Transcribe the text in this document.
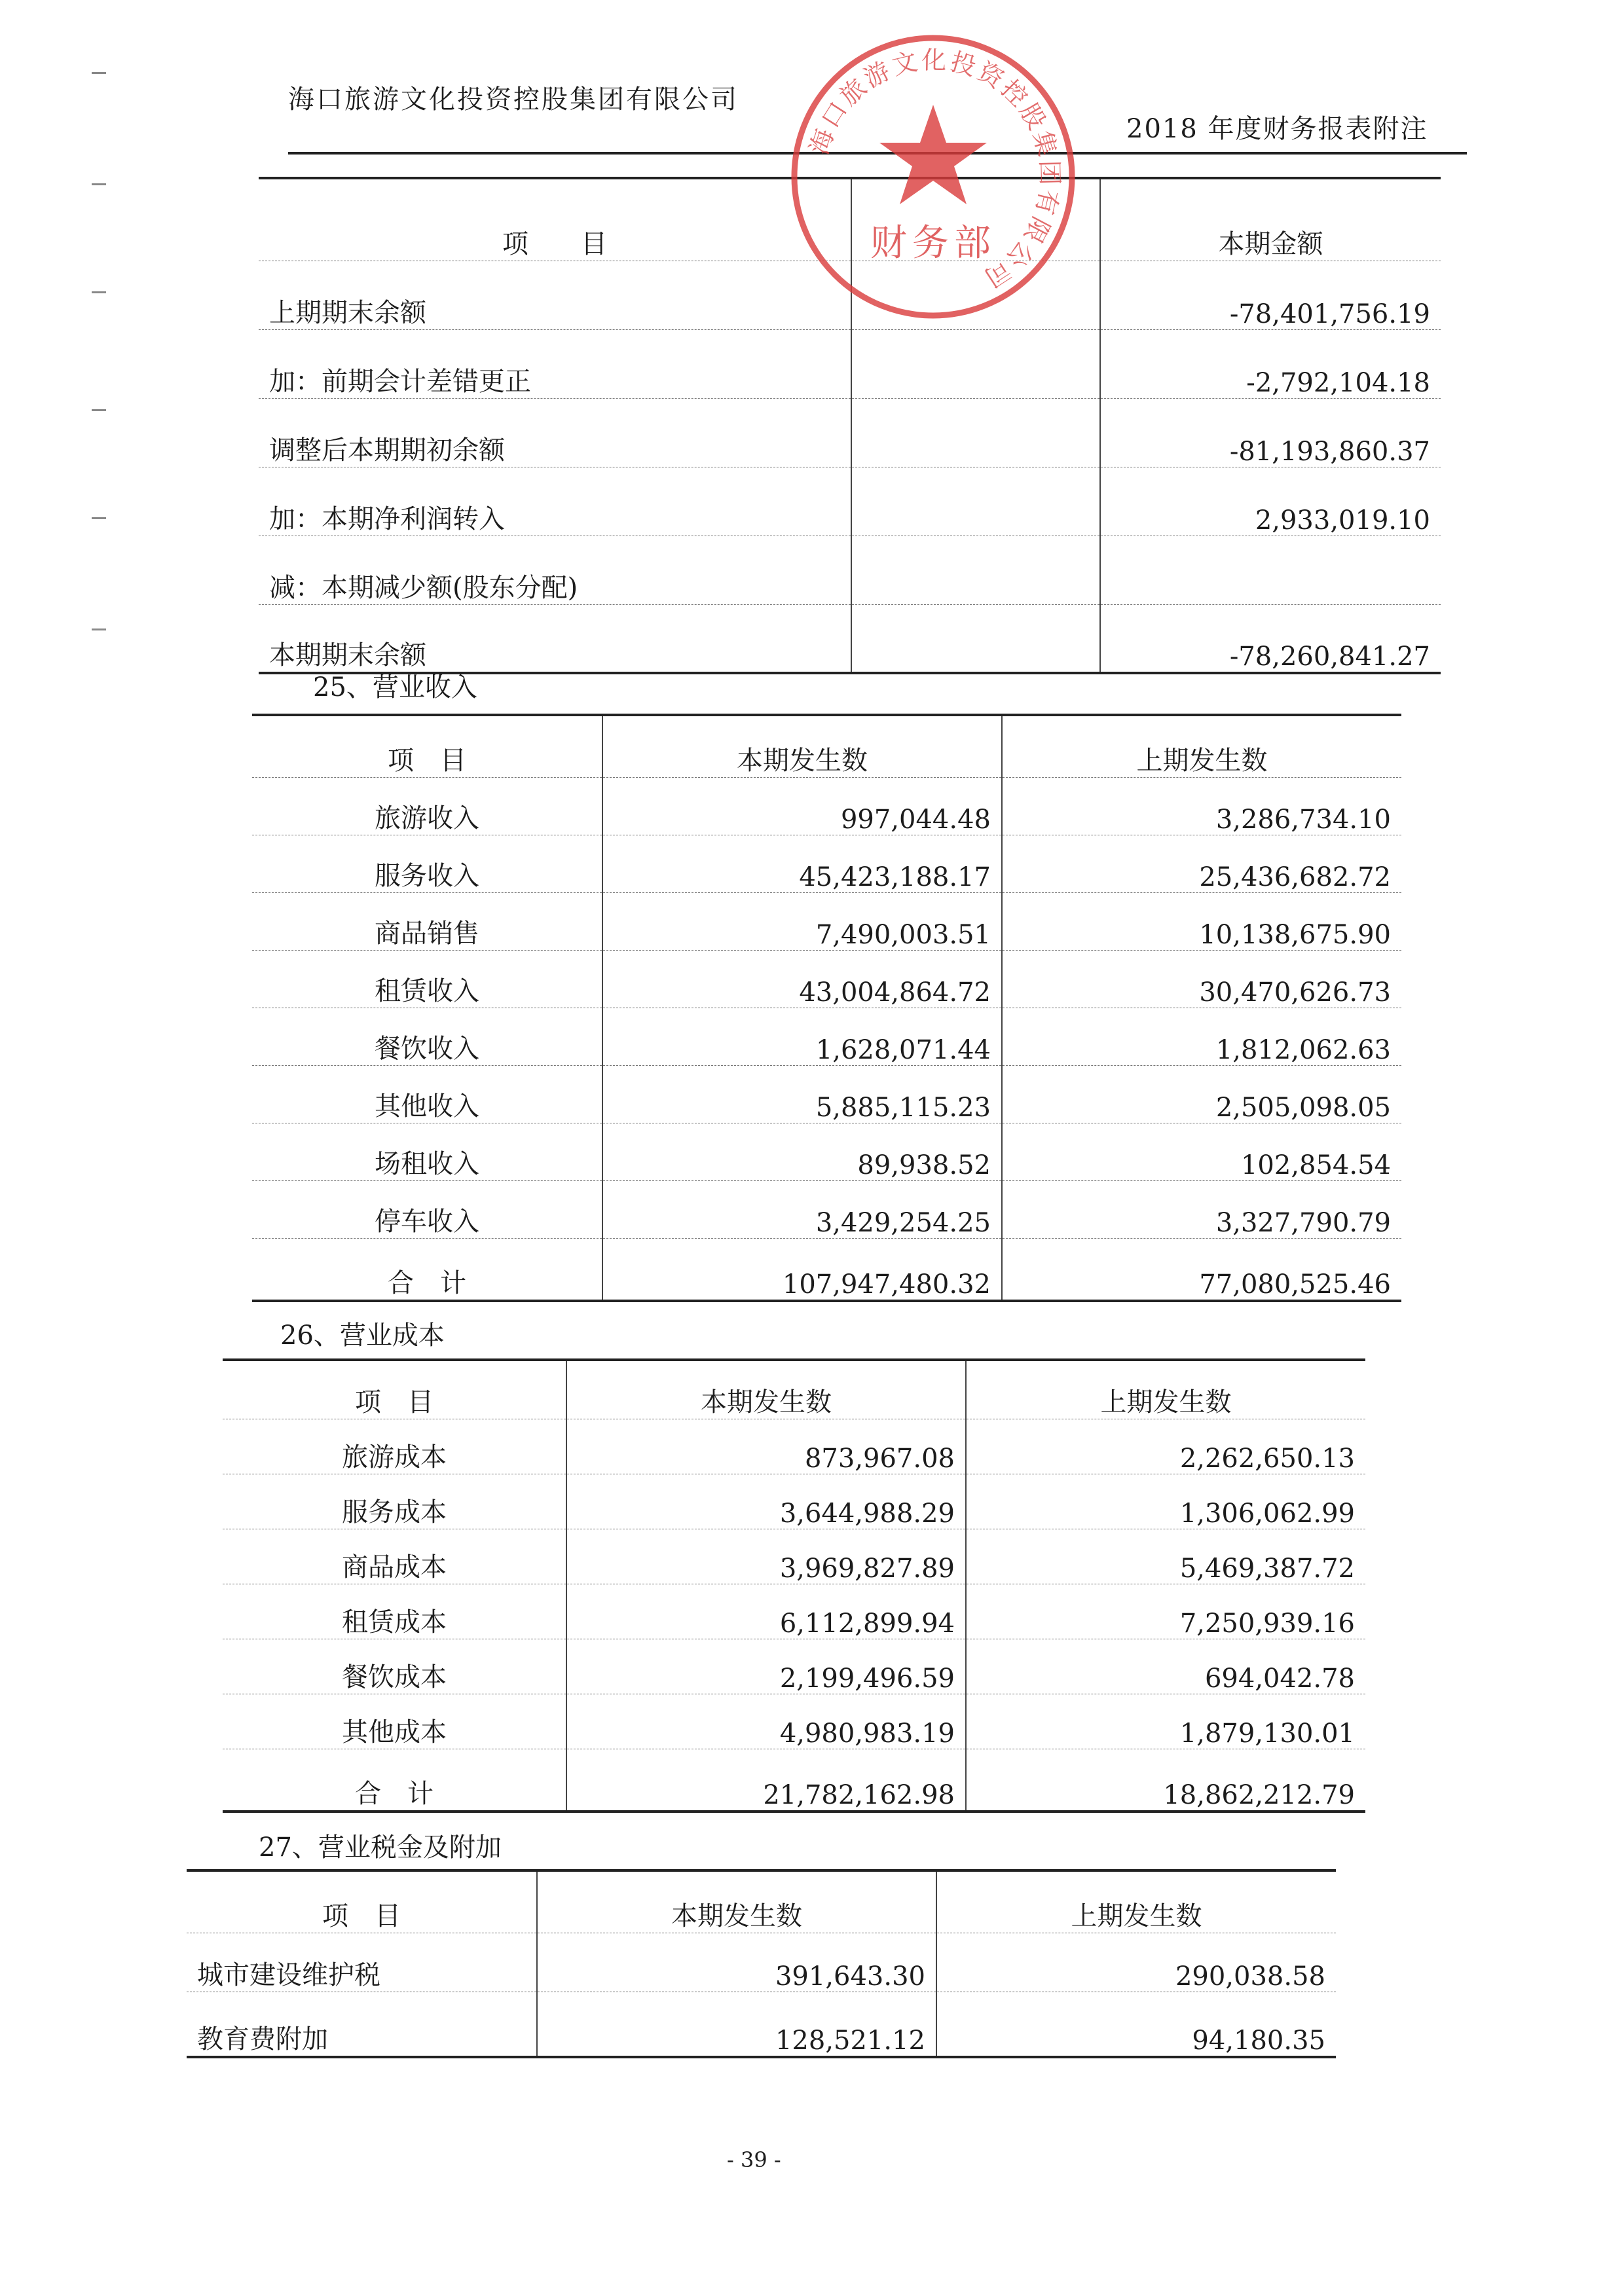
海口旅游文化投资控股集团有限公司
2018 年度财务报表附注
项　　目		本期金额
上期期末余额		-78,401,756.19
加：前期会计差错更正		-2,792,104.18
调整后本期期初余额		-81,193,860.37
加：本期净利润转入		2,933,019.10
减：本期减少额(股东分配)		
本期期末余额		-78,260,841.27
海口旅游文化投资控股集团有限公司
财务部
25、营业收入
项　目	本期发生数	上期发生数
旅游收入	997,044.48	3,286,734.10
服务收入	45,423,188.17	25,436,682.72
商品销售	7,490,003.51	10,138,675.90
租赁收入	43,004,864.72	30,470,626.73
餐饮收入	1,628,071.44	1,812,062.63
其他收入	5,885,115.23	2,505,098.05
场租收入	89,938.52	102,854.54
停车收入	3,429,254.25	3,327,790.79
合　计	107,947,480.32	77,080,525.46
26、营业成本
项　目	本期发生数	上期发生数
旅游成本	873,967.08	2,262,650.13
服务成本	3,644,988.29	1,306,062.99
商品成本	3,969,827.89	5,469,387.72
租赁成本	6,112,899.94	7,250,939.16
餐饮成本	2,199,496.59	694,042.78
其他成本	4,980,983.19	1,879,130.01
合　计	21,782,162.98	18,862,212.79
27、营业税金及附加
项　目	本期发生数	上期发生数
城市建设维护税	391,643.30	290,038.58
教育费附加	128,521.12	94,180.35
- 39 -
